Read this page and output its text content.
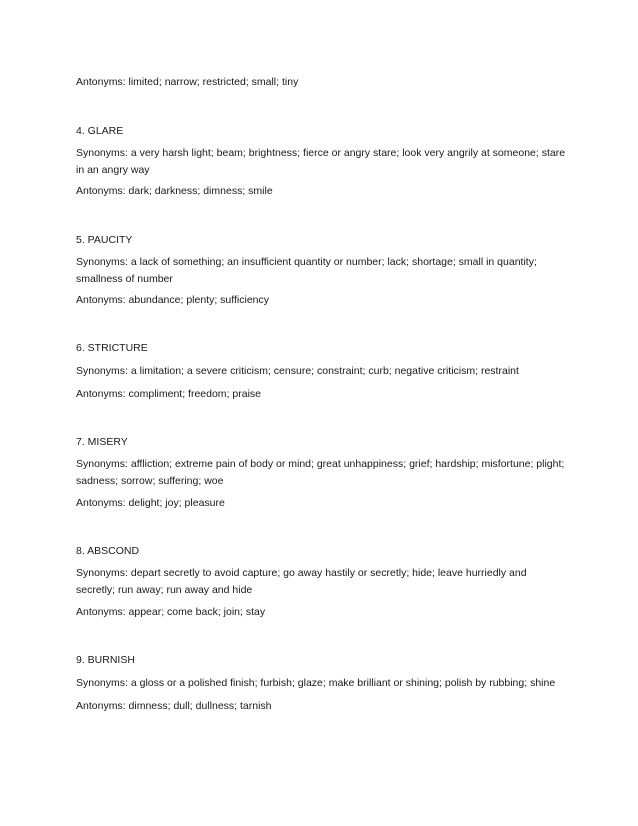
Antonyms: limited; narrow; restricted; small; tiny

4. GLARE

Synonyms: a very harsh light; beam; brightness; fierce or angry stare; look very angrily at someone; stare in an angry way

Antonyms: dark; darkness; dimness; smile

5. PAUCITY

Synonyms: a lack of something; an insufficient quantity or number; lack; shortage; small in quantity; smallness of number

Antonyms: abundance; plenty; sufficiency

6. STRICTURE

Synonyms: a limitation; a severe criticism; censure; constraint; curb; negative criticism; restraint

Antonyms: compliment; freedom; praise

7. MISERY

Synonyms: affliction; extreme pain of body or mind; great unhappiness; grief; hardship; misfortune; plight; sadness; sorrow; suffering; woe

Antonyms: delight; joy; pleasure

8. ABSCOND

Synonyms: depart secretly to avoid capture; go away hastily or secretly; hide; leave hurriedly and secretly; run away; run away and hide

Antonyms: appear; come back; join; stay

9. BURNISH

Synonyms: a gloss or a polished finish; furbish; glaze; make brilliant or shining; polish by rubbing; shine

Antonyms: dimness; dull; dullness; tarnish
